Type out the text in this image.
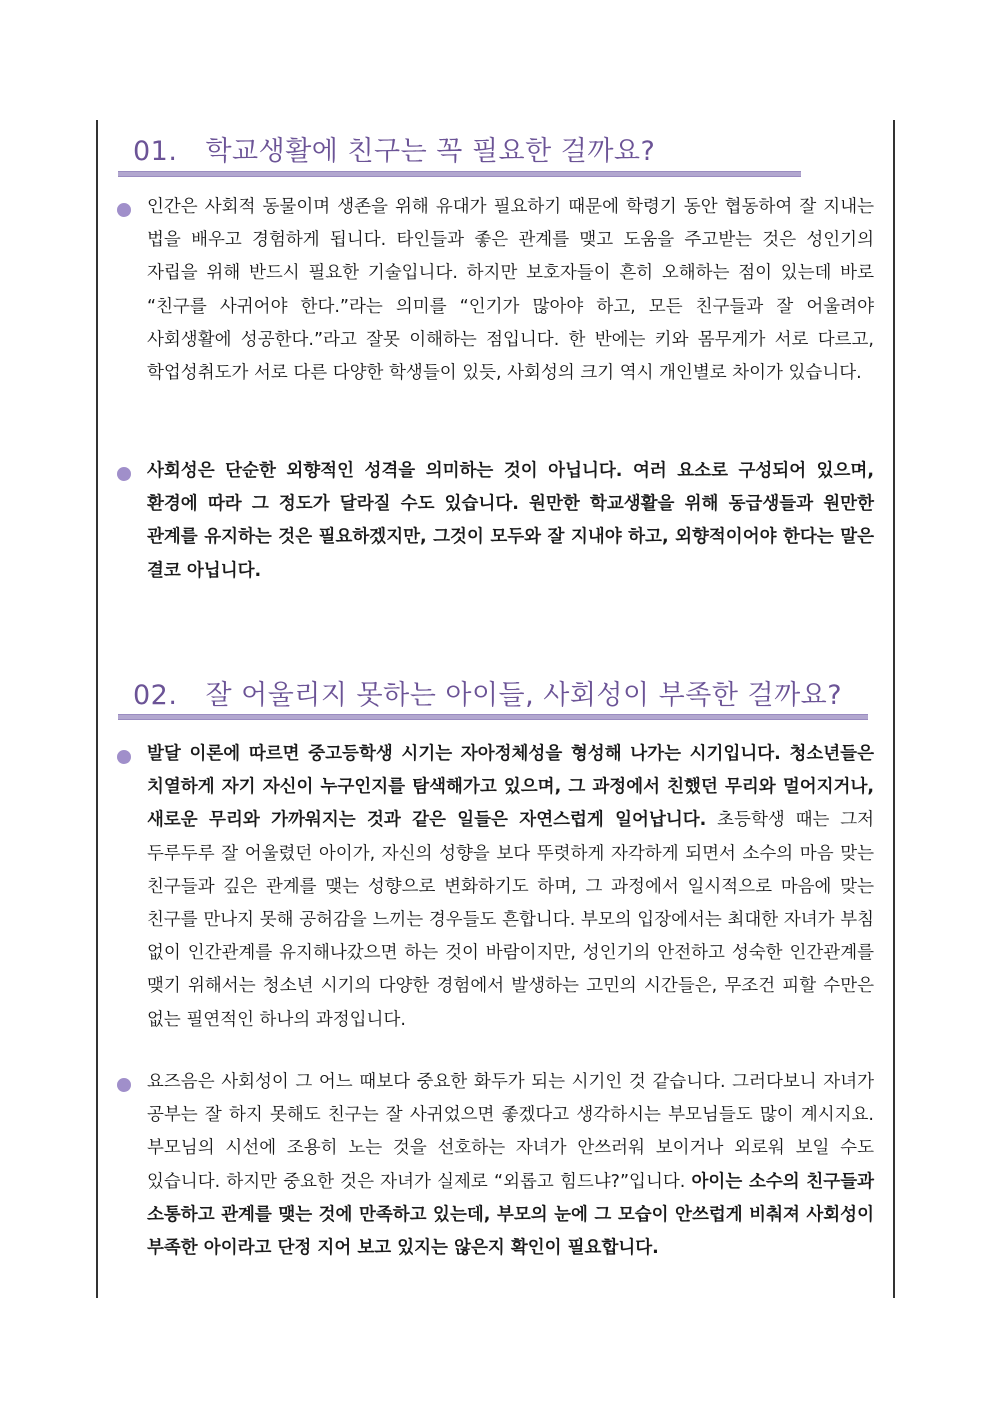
01. 학교생활에 친구는 꼭 필요한 걸까요?

인간은 사회적 동물이며 생존을 위해 유대가 필요하기 때문에 학령기 동안 협동하여 잘 지내는 법을 배우고 경험하게 됩니다. 타인들과 좋은 관계를 맺고 도움을 주고받는 것은 성인기의 자립을 위해 반드시 필요한 기술입니다. 하지만 보호자들이 흔히 오해하는 점이 있는데 바로 “친구를 사귀어야 한다.”라는 의미를 “인기가 많아야 하고, 모든 친구들과 잘 어울려야 사회생활에 성공한다.”라고 잘못 이해하는 점입니다. 한 반에는 키와 몸무게가 서로 다르고, 학업성취도가 서로 다른 다양한 학생들이 있듯, 사회성의 크기 역시 개인별로 차이가 있습니다.

사회성은 단순한 외향적인 성격을 의미하는 것이 아닙니다. 여러 요소로 구성되어 있으며, 환경에 따라 그 정도가 달라질 수도 있습니다. 원만한 학교생활을 위해 동급생들과 원만한 관계를 유지하는 것은 필요하겠지만, 그것이 모두와 잘 지내야 하고, 외향적이어야 한다는 말은 결코 아닙니다.

02. 잘 어울리지 못하는 아이들, 사회성이 부족한 걸까요?

발달 이론에 따르면 중고등학생 시기는 자아정체성을 형성해 나가는 시기입니다. 청소년들은 치열하게 자기 자신이 누구인지를 탐색해가고 있으며, 그 과정에서 친했던 무리와 멀어지거나, 새로운 무리와 가까워지는 것과 같은 일들은 자연스럽게 일어납니다. 초등학생 때는 그저 두루두루 잘 어울렸던 아이가, 자신의 성향을 보다 뚜렷하게 자각하게 되면서 소수의 마음 맞는 친구들과 깊은 관계를 맺는 성향으로 변화하기도 하며, 그 과정에서 일시적으로 마음에 맞는 친구를 만나지 못해 공허감을 느끼는 경우들도 흔합니다. 부모의 입장에서는 최대한 자녀가 부침 없이 인간관계를 유지해나갔으면 하는 것이 바람이지만, 성인기의 안전하고 성숙한 인간관계를 맺기 위해서는 청소년 시기의 다양한 경험에서 발생하는 고민의 시간들은, 무조건 피할 수만은 없는 필연적인 하나의 과정입니다.

요즈음은 사회성이 그 어느 때보다 중요한 화두가 되는 시기인 것 같습니다. 그러다보니 자녀가 공부는 잘 하지 못해도 친구는 잘 사귀었으면 좋겠다고 생각하시는 부모님들도 많이 계시지요. 부모님의 시선에 조용히 노는 것을 선호하는 자녀가 안쓰러워 보이거나 외로워 보일 수도 있습니다. 하지만 중요한 것은 자녀가 실제로 “외롭고 힘드냐?”입니다. 아이는 소수의 친구들과 소통하고 관계를 맺는 것에 만족하고 있는데, 부모의 눈에 그 모습이 안쓰럽게 비춰져 사회성이 부족한 아이라고 단정 지어 보고 있지는 않은지 확인이 필요합니다.
